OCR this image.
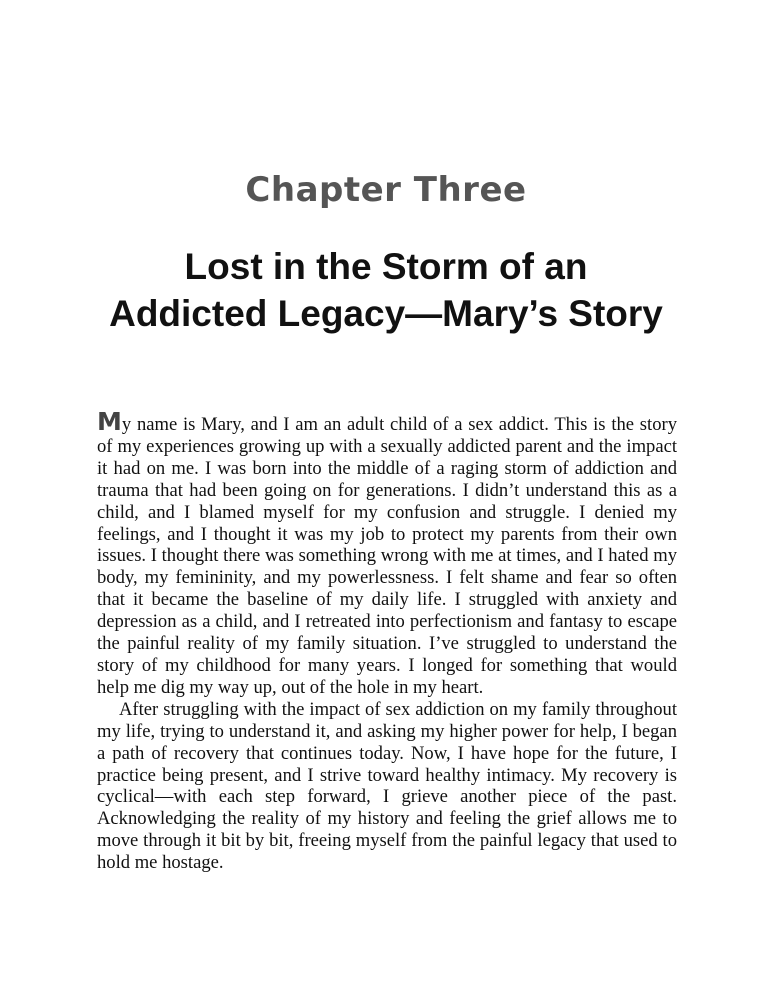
Chapter Three
Lost in the Storm of an
Addicted Legacy—Mary’s Story

My name is Mary, and I am an adult child of a sex addict. This is the story of my experiences growing up with a sexually addicted parent and the impact it had on me. I was born into the middle of a raging storm of addiction and trauma that had been going on for generations. I didn’t understand this as a child, and I blamed myself for my confusion and struggle. I denied my feelings, and I thought it was my job to protect my parents from their own issues. I thought there was something wrong with me at times, and I hated my body, my femininity, and my powerlessness. I felt shame and fear so often that it became the baseline of my daily life. I struggled with anxiety and depression as a child, and I retreated into perfectionism and fantasy to escape the painful reality of my family situation. I’ve struggled to understand the story of my childhood for many years. I longed for something that would help me dig my way up, out of the hole in my heart.

After struggling with the impact of sex addiction on my family throughout my life, trying to understand it, and asking my higher power for help, I began a path of recovery that continues today. Now, I have hope for the future, I practice being present, and I strive toward healthy intimacy. My recovery is cyclical—with each step forward, I grieve another piece of the past. Acknowledging the reality of my history and feeling the grief allows me to move through it bit by bit, freeing myself from the painful legacy that used to hold me hostage.
